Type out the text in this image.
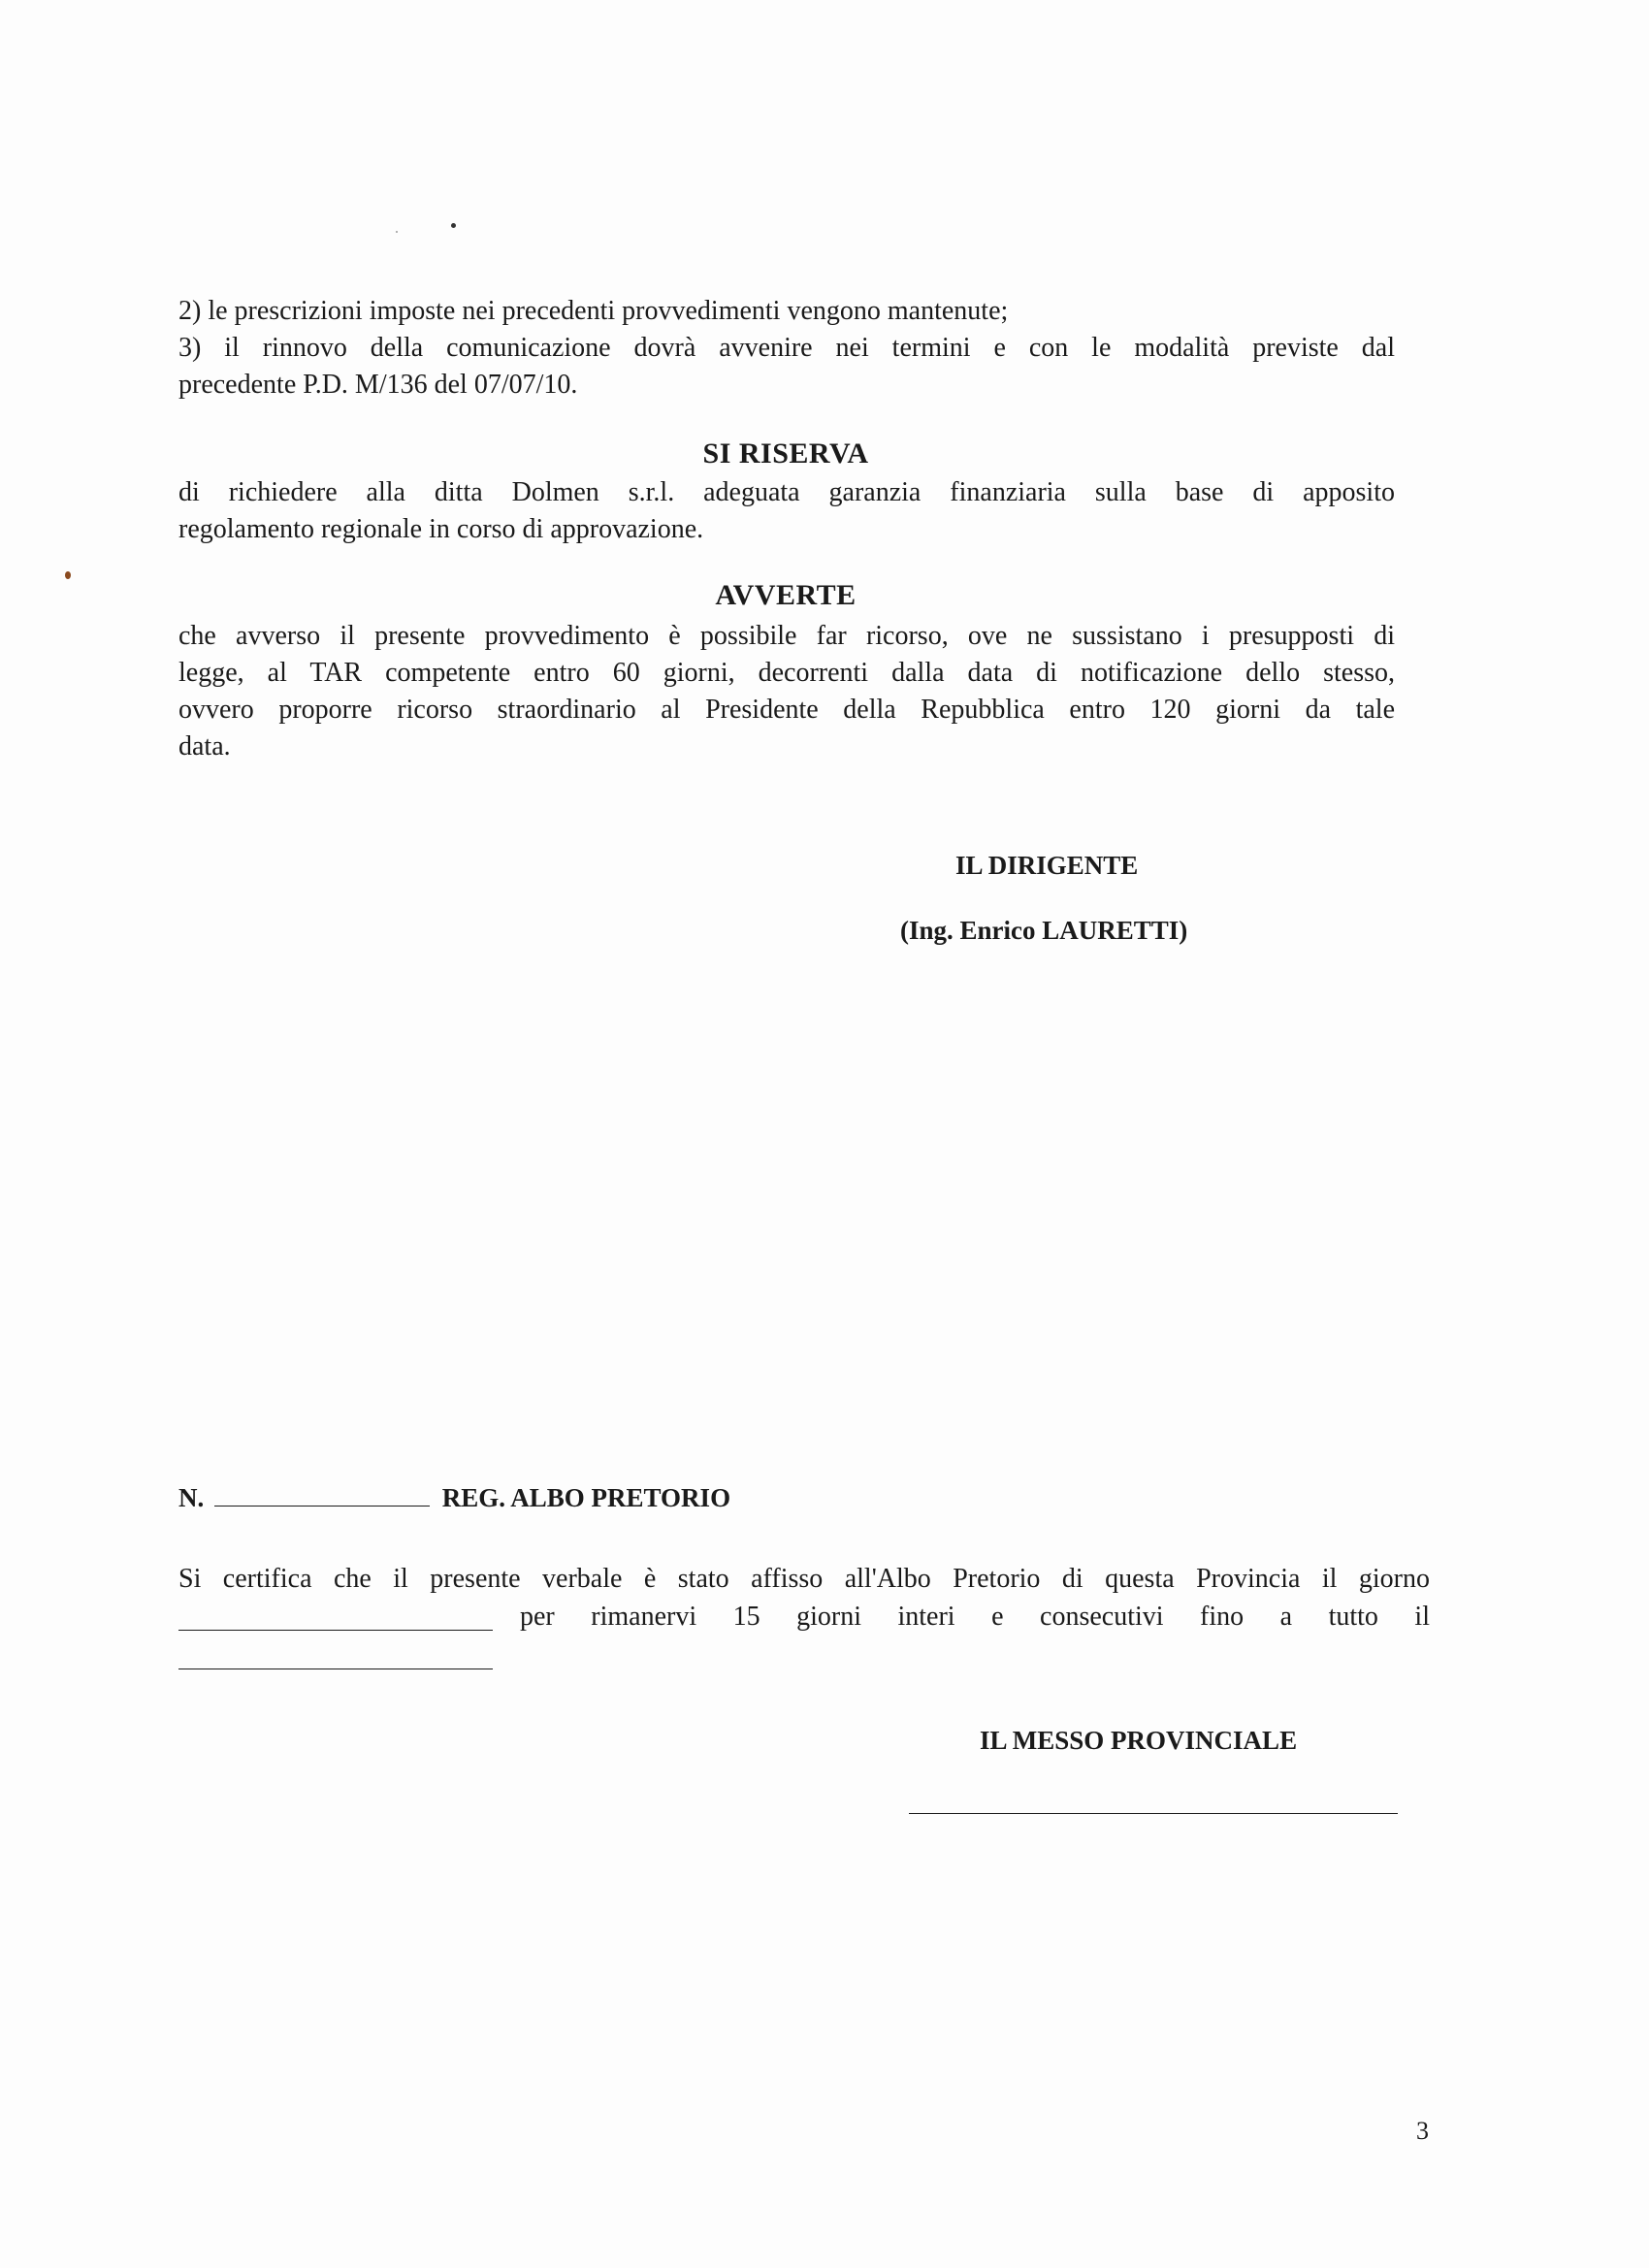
2) le prescrizioni imposte nei precedenti provvedimenti vengono mantenute;
3) il rinnovo della comunicazione dovrà avvenire nei termini e con le modalità previste dal
precedente P.D. M/136 del 07/07/10.
SI RISERVA
di richiedere alla ditta Dolmen s.r.l. adeguata garanzia finanziaria sulla base di apposito
regolamento regionale in corso di approvazione.
AVVERTE
che avverso il presente provvedimento è possibile far ricorso, ove ne sussistano i presupposti di
legge, al TAR competente entro 60 giorni, decorrenti dalla data di notificazione dello stesso,
ovvero proporre ricorso straordinario al Presidente della Repubblica entro 120 giorni da tale
data.
IL DIRIGENTE
(Ing. Enrico LAURETTI)
N.	REG. ALBO PRETORIO
Si certifica che il presente verbale è stato affisso all'Albo Pretorio di questa Provincia il giorno
per rimanervi 15 giorni interi e consecutivi fino a tutto il
IL MESSO PROVINCIALE
3
